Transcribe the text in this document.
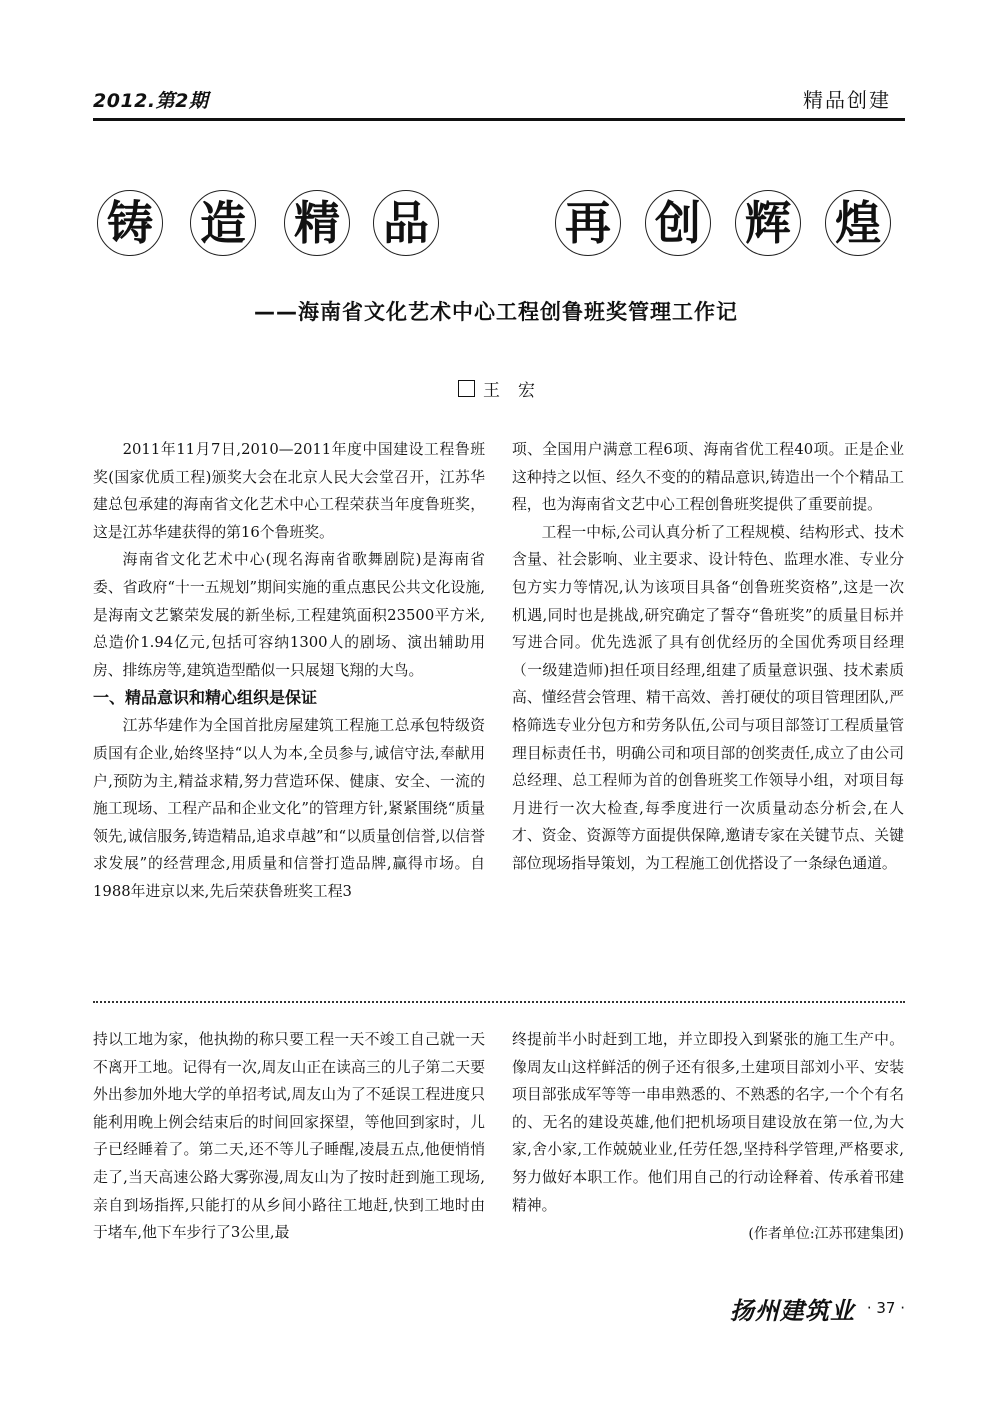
2012.第2期	精品创建
铸 造 精 品	再 创 辉 煌
——海南省文化艺术中心工程创鲁班奖管理工作记
王宏

2011年11月7日,2010—2011年度中国建设工程鲁班奖(国家优质工程)颁奖大会在北京人民大会堂召开，江苏华建总包承建的海南省文化艺术中心工程荣获当年度鲁班奖，这是江苏华建获得的第16个鲁班奖。

海南省文化艺术中心(现名海南省歌舞剧院)是海南省委、省政府“十一五规划”期间实施的重点惠民公共文化设施,是海南文艺繁荣发展的新坐标,工程建筑面积23500平方米,总造价1.94亿元,包括可容纳1300人的剧场、演出辅助用房、排练房等,建筑造型酷似一只展翅飞翔的大鸟。

一、精品意识和精心组织是保证

江苏华建作为全国首批房屋建筑工程施工总承包特级资质国有企业,始终坚持“以人为本,全员参与,诚信守法,奉献用户,预防为主,精益求精,努力营造环保、健康、安全、一流的施工现场、工程产品和企业文化”的管理方针,紧紧围绕“质量领先,诚信服务,铸造精品,追求卓越”和“以质量创信誉,以信誉求发展”的经营理念,用质量和信誉打造品牌,赢得市场。自1988年进京以来,先后荣获鲁班奖工程3

项、全国用户满意工程6项、海南省优工程40项。正是企业这种持之以恒、经久不变的的精品意识,铸造出一个个精品工程，也为海南省文艺中心工程创鲁班奖提供了重要前提。

工程一中标,公司认真分析了工程规模、结构形式、技术含量、社会影响、业主要求、设计特色、监理水准、专业分包方实力等情况,认为该项目具备“创鲁班奖资格”,这是一次机遇,同时也是挑战,研究确定了誓夺“鲁班奖”的质量目标并写进合同。优先选派了具有创优经历的全国优秀项目经理（一级建造师)担任项目经理,组建了质量意识强、技术素质高、懂经营会管理、精干高效、善打硬仗的项目管理团队,严格筛选专业分包方和劳务队伍,公司与项目部签订工程质量管理目标责任书，明确公司和项目部的创奖责任,成立了由公司总经理、总工程师为首的创鲁班奖工作领导小组，对项目每月进行一次大检查,每季度进行一次质量动态分析会,在人才、资金、资源等方面提供保障,邀请专家在关键节点、关键部位现场指导策划，为工程施工创优搭设了一条绿色通道。

持以工地为家，他执拗的称只要工程一天不竣工自己就一天不离开工地。记得有一次,周友山正在读高三的儿子第二天要外出参加外地大学的单招考试,周友山为了不延误工程进度只能利用晚上例会结束后的时间回家探望，等他回到家时，儿子已经睡着了。第二天,还不等儿子睡醒,凌晨五点,他便悄悄走了,当天高速公路大雾弥漫,周友山为了按时赶到施工现场,亲自到场指挥,只能打的从乡间小路往工地赶,快到工地时由于堵车,他下车步行了3公里,最

终提前半小时赶到工地，并立即投入到紧张的施工生产中。像周友山这样鲜活的例子还有很多,土建项目部刘小平、安装项目部张成军等等一串串熟悉的、不熟悉的名字,一个个有名的、无名的建设英雄,他们把机场项目建设放在第一位,为大家,舍小家,工作兢兢业业,任劳任怨,坚持科学管理,严格要求,努力做好本职工作。他们用自己的行动诠释着、传承着邗建精神。

(作者单位:江苏邗建集团)
扬州建筑业 · 37 ·
